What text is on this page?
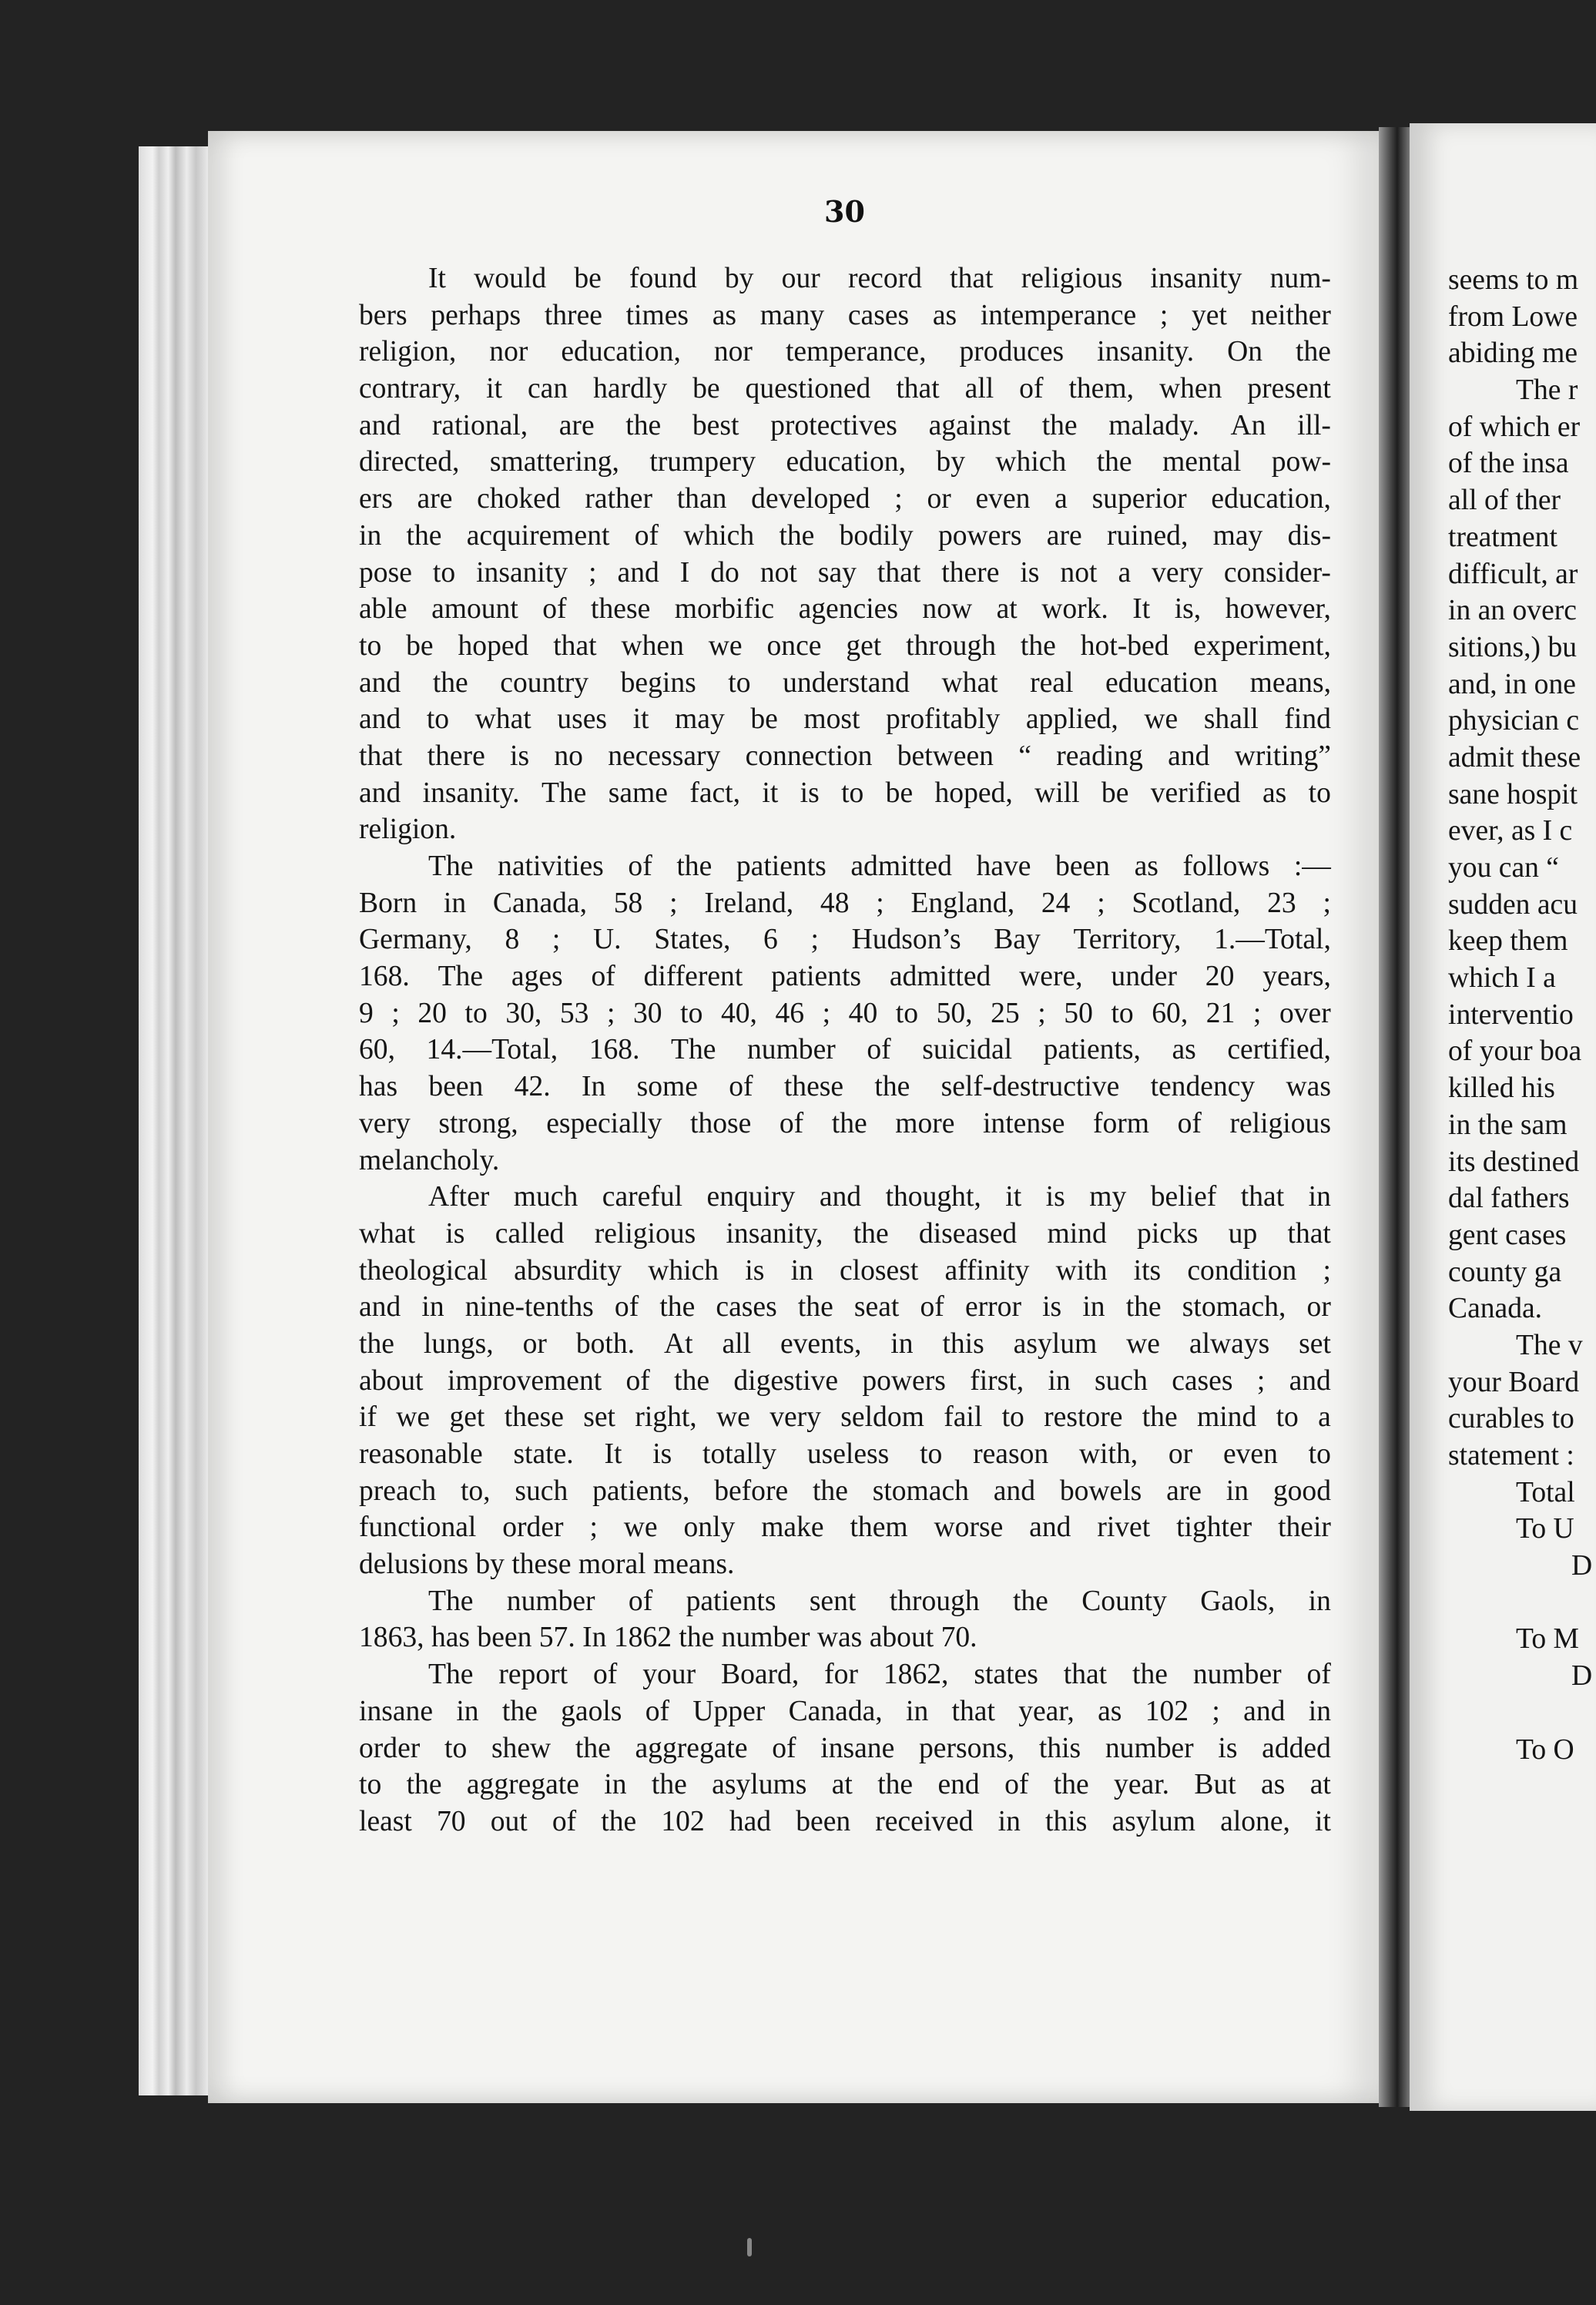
30
It would be found by our record that religious insanity num-
bers perhaps three times as many cases as intemperance ; yet neither
religion, nor education, nor temperance, produces insanity. On the
contrary, it can hardly be questioned that all of them, when present
and rational, are the best protectives against the malady. An ill-
directed, smattering, trumpery education, by which the mental pow-
ers are choked rather than developed ; or even a superior education,
in the acquirement of which the bodily powers are ruined, may dis-
pose to insanity ; and I do not say that there is not a very consider-
able amount of these morbific agencies now at work. It is, however,
to be hoped that when we once get through the hot-bed experiment,
and the country begins to understand what real education means,
and to what uses it may be most profitably applied, we shall find
that there is no necessary connection between “ reading and writing”
and insanity. The same fact, it is to be hoped, will be verified as to
religion.
The nativities of the patients admitted have been as follows :—
Born in Canada, 58 ; Ireland, 48 ; England, 24 ; Scotland, 23 ;
Germany, 8 ; U. States, 6 ; Hudson’s Bay Territory, 1.—Total,
168. The ages of different patients admitted were, under 20 years,
9 ; 20 to 30, 53 ; 30 to 40, 46 ; 40 to 50, 25 ; 50 to 60, 21 ; over
60, 14.—Total, 168. The number of suicidal patients, as certified,
has been 42. In some of these the self-destructive tendency was
very strong, especially those of the more intense form of religious
melancholy.
After much careful enquiry and thought, it is my belief that in
what is called religious insanity, the diseased mind picks up that
theological absurdity which is in closest affinity with its condition ;
and in nine-tenths of the cases the seat of error is in the stomach, or
the lungs, or both. At all events, in this asylum we always set
about improvement of the digestive powers first, in such cases ; and
if we get these set right, we very seldom fail to restore the mind to a
reasonable state. It is totally useless to reason with, or even to
preach to, such patients, before the stomach and bowels are in good
functional order ; we only make them worse and rivet tighter their
delusions by these moral means.
The number of patients sent through the County Gaols, in
1863, has been 57. In 1862 the number was about 70.
The report of your Board, for 1862, states that the number of
insane in the gaols of Upper Canada, in that year, as 102 ; and in
order to shew the aggregate of insane persons, this number is added
to the aggregate in the asylums at the end of the year. But as at
least 70 out of the 102 had been received in this asylum alone, it
seems to m
from Lowe
abiding me
The r
of which er
of the insa
all of ther
treatment
difficult, ar
in an overc
sitions,) bu
and, in one
physician c
admit these
sane hospit
ever, as I c
you can “
sudden acu
keep them
which I a
interventio
of your boa
killed his
in the sam
its destined
dal fathers
gent cases
county ga
Canada.
The v
your Board
curables to
statement :
Total
To U
D
To M
D
To O
